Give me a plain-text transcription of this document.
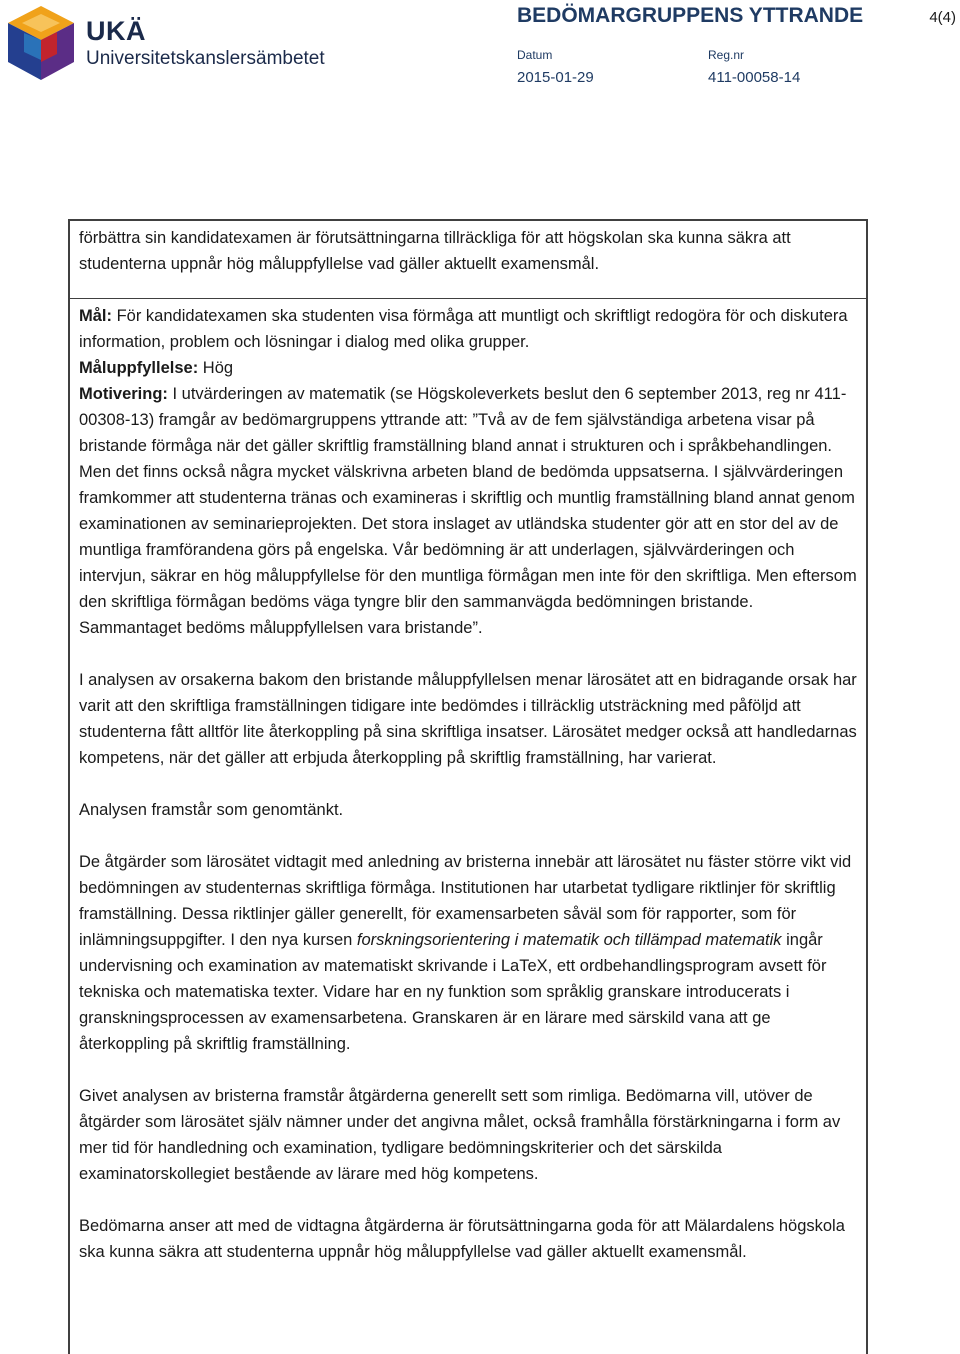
UKÄ
Universitetskanslersämbetet
BEDÖMARGRUPPENS YTTRANDE	4(4)
Datum	Reg.nr
2015-01-29	411-00058-14

förbättra sin kandidatexamen är förutsättningarna tillräckliga för att högskolan ska kunna säkra att studenterna uppnår hög måluppfyllelse vad gäller aktuellt examensmål.

Mål: För kandidatexamen ska studenten visa förmåga att muntligt och skriftligt redogöra för och diskutera information, problem och lösningar i dialog med olika grupper.

Måluppfyllelse: Hög

Motivering: I utvärderingen av matematik (se Högskoleverkets beslut den 6 september 2013, reg nr 411-00308-13) framgår av bedömargruppens yttrande att: ”Två av de fem självständiga arbetena visar på bristande förmåga när det gäller skriftlig framställning bland annat i strukturen och i språkbehandlingen. Men det finns också några mycket välskrivna arbeten bland de bedömda uppsatserna. I självvärderingen framkommer att studenterna tränas och examineras i skriftlig och muntlig framställning bland annat genom examinationen av seminarieprojekten. Det stora inslaget av utländska studenter gör att en stor del av de muntliga framförandena görs på engelska. Vår bedömning är att underlagen, självvärderingen och intervjun, säkrar en hög måluppfyllelse för den muntliga förmågan men inte för den skriftliga. Men eftersom den skriftliga förmågan bedöms väga tyngre blir den sammanvägda bedömningen bristande. Sammantaget bedöms måluppfyllelsen vara bristande”.

I analysen av orsakerna bakom den bristande måluppfyllelsen menar lärosätet att en bidragande orsak har varit att den skriftliga framställningen tidigare inte bedömdes i tillräcklig utsträckning med påföljd att studenterna fått alltför lite återkoppling på sina skriftliga insatser. Lärosätet medger också att handledarnas kompetens, när det gäller att erbjuda återkoppling på skriftlig framställning, har varierat.

Analysen framstår som genomtänkt.

De åtgärder som lärosätet vidtagit med anledning av bristerna innebär att lärosätet nu fäster större vikt vid bedömningen av studenternas skriftliga förmåga. Institutionen har utarbetat tydligare riktlinjer för skriftlig framställning. Dessa riktlinjer gäller generellt, för examensarbeten såväl som för rapporter, som för inlämningsuppgifter. I den nya kursen forskningsorientering i matematik och tillämpad matematik ingår undervisning och examination av matematiskt skrivande i LaTeX, ett ordbehandlingsprogram avsett för tekniska och matematiska texter. Vidare har en ny funktion som språklig granskare introducerats i granskningsprocessen av examensarbetena. Granskaren är en lärare med särskild vana att ge återkoppling på skriftlig framställning.

Givet analysen av bristerna framstår åtgärderna generellt sett som rimliga. Bedömarna vill, utöver de åtgärder som lärosätet själv nämner under det angivna målet, också framhålla förstärkningarna i form av mer tid för handledning och examination, tydligare bedömningskriterier och det särskilda examinatorskollegiet bestående av lärare med hög kompetens.

Bedömarna anser att med de vidtagna åtgärderna är förutsättningarna goda för att Mälardalens högskola ska kunna säkra att studenterna uppnår hög måluppfyllelse vad gäller aktuellt examensmål.
